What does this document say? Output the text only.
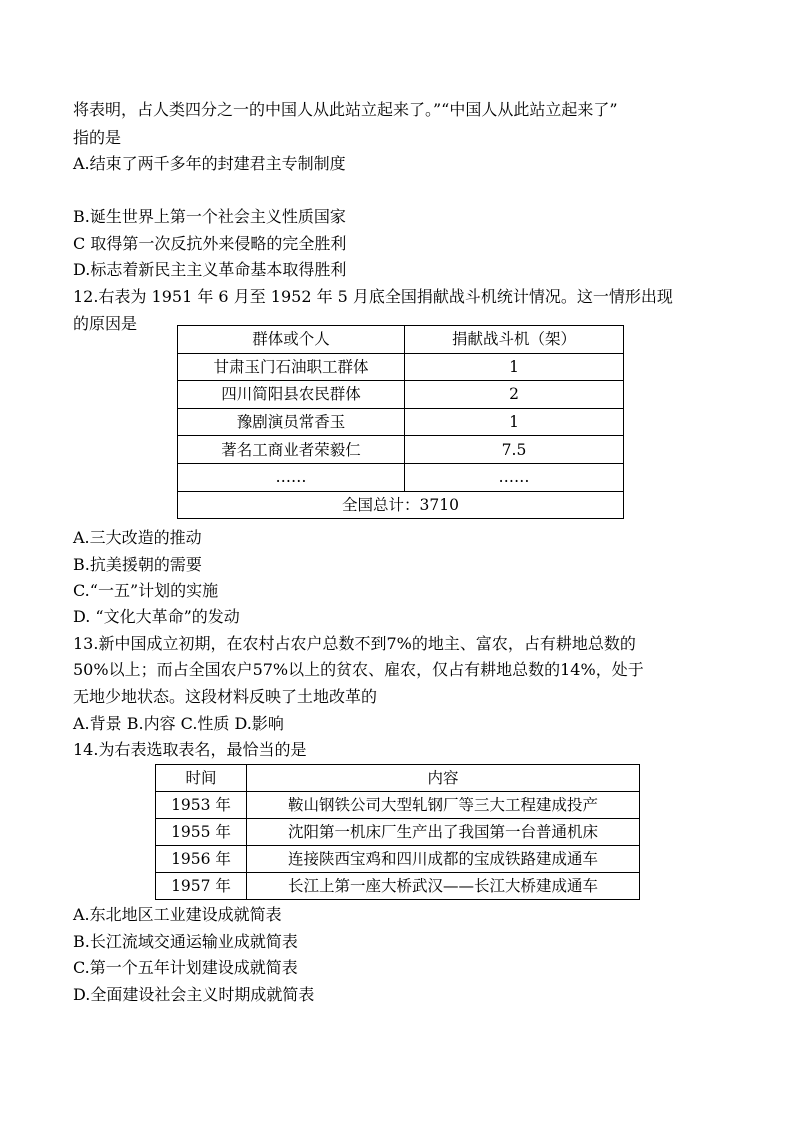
将表明，占人类四分之一的中国人从此站立起来了。”“中国人从此站立起来了”
指的是
A.结束了两千多年的封建君主专制制度
B.诞生世界上第一个社会主义性质国家
C 取得第一次反抗外来侵略的完全胜利
D.标志着新民主主义革命基本取得胜利
12.右表为 1951 年 6 月至 1952 年 5 月底全国捐献战斗机统计情况。这一情形出现
的原因是
群体或个人	捐献战斗机（架）
甘肃玉门石油职工群体	1
四川简阳县农民群体	2
豫剧演员常香玉	1
著名工商业者荣毅仁	7.5
……	……
全国总计：3710	
A.三大改造的推动
B.抗美援朝的需要
C.“一五”计划的实施
D. “文化大革命”的发动
13.新中国成立初期，在农村占农户总数不到7%的地主、富农，占有耕地总数的
50%以上；而占全国农户57%以上的贫农、雇农，仅占有耕地总数的14%，处于
无地少地状态。这段材料反映了土地改革的
A.背景 B.内容 C.性质 D.影响
14.为右表选取表名，最恰当的是
时间	内容
1953 年	鞍山钢铁公司大型轧钢厂等三大工程建成投产
1955 年	沈阳第一机床厂生产出了我国第一台普通机床
1956 年	连接陕西宝鸡和四川成都的宝成铁路建成通车
1957 年	长江上第一座大桥武汉——长江大桥建成通车
A.东北地区工业建设成就简表
B.长江流域交通运输业成就简表
C.第一个五年计划建设成就简表
D.全面建设社会主义时期成就简表
